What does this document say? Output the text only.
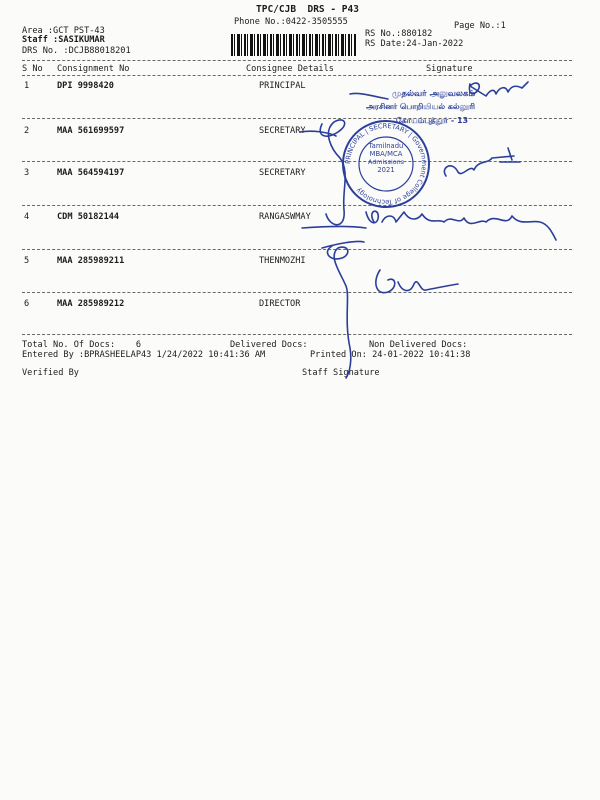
TPC/CJB  DRS - P43
Phone No.:0422-3505555	Page No.:1
Area :GCT PST-43
Staff :SASIKUMAR
DRS No. :DCJB88018201
RS No.:880182
RS Date:24-Jan-2022
S No Consignment No	Consignee Details	Signature
1	DPI 9998420	PRINCIPAL
2	MAA 561699597	SECRETARY
3	MAA 564594197	SECRETARY
4	CDM 50182144	RANGASWMAY
5	MAA 285989211	THENMOZHI
6	MAA 285989212	DIRECTOR
Total No. Of Docs:    6	Delivered Docs:	Non Delivered Docs:
Entered By :BPRASHEELAP43 1/24/2022 10:41:36 AM	Printed On: 24-01-2022 10:41:38
Verified By	Staff Signature
முதல்வர் அலுவலகம்
அரசினர் பொறியியல் கல்லூரி
கோயம்புத்தூர் - 13
PRINCIPAL | SECRETARY | Government College of Technology
Tamilnadu
MBA/MCA
Admissions
2021
